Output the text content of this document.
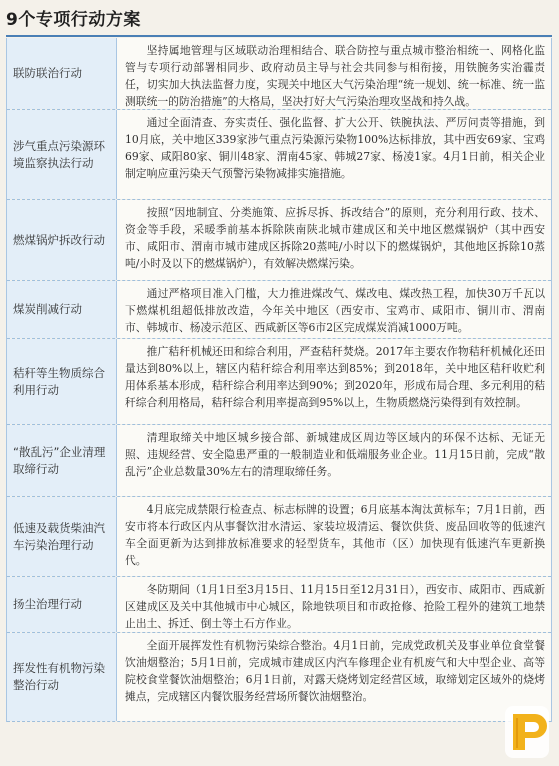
9个专项行动方案
联防联治行动
坚持属地管理与区域联动治理相结合、联合防控与重点城市整治相统一、网格化监管与专项行动部署相同步、政府动员主导与社会共同参与相衔接，用铁腕务实治霾责任，切实加大执法监督力度，实现关中地区大气污染治理“统一规划、统一标准、统一监测联统一的防治措施”的大格局，坚决打好大气污染治理攻坚战和持久战。
涉气重点污染源环境监察执法行动
通过全面清查、夯实责任、强化监督、扩大公开、铁腕执法、严厉问责等措施，到10月底，关中地区339家涉气重点污染源污染物100%达标排放，其中西安69家、宝鸡69家、咸阳80家、铜川48家、渭南45家、韩城27家、杨凌1家。4月1日前，相关企业制定响应重污染天气预警污染物减排实施措施。
燃煤锅炉拆改行动
按照“因地制宜、分类施策、应拆尽拆、拆改结合”的原则，充分利用行政、技术、资金等手段，采暖季前基本拆除陕南陕北城市建成区和关中地区燃煤锅炉（其中西安市、咸阳市、渭南市城市建成区拆除20蒸吨/小时以下的燃煤锅炉，其他地区拆除10蒸吨/小时及以下的燃煤锅炉），有效解决燃煤污染。
煤炭削减行动
通过严格项目准入门槛，大力推进煤改气、煤改电、煤改热工程，加快30万千瓦以下燃煤机组超低排放改造，今年关中地区（西安市、宝鸡市、咸阳市、铜川市、渭南市、韩城市、杨凌示范区、西咸新区等6市2区完成煤炭消减1000万吨。
秸秆等生物质综合利用行动
推广秸秆机械还田和综合利用，严查秸秆焚烧。2017年主要农作物秸秆机械化还田量达到80%以上，辖区内秸秆综合利用率达到85%；到2018年，关中地区秸秆收贮利用体系基本形成，秸秆综合利用率达到90%；到2020年，形成布局合理、多元利用的秸秆综合利用格局，秸秆综合利用率提高到95%以上，生物质燃烧污染得到有效控制。
“散乱污”企业清理取缔行动
清理取缔关中地区城乡接合部、新城建成区周边等区域内的环保不达标、无证无照、违规经营、安全隐患严重的一般制造业和低端服务业企业。11月15日前，完成“散乱污”企业总数量30%左右的清理取缔任务。
低速及载货柴油汽车污染治理行动
4月底完成禁限行检查点、标志标牌的设置；6月底基本淘汰黄标车；7月1日前，西安市将本行政区内从事餐饮泔水清运、家装垃圾清运、餐饮供货、废品回收等的低速汽车全面更新为达到排放标准要求的轻型货车，其他市（区）加快现有低速汽车更新换代。
扬尘治理行动
冬防期间（1月1日至3月15日、11月15日至12月31日），西安市、咸阳市、西咸新区建成区及关中其他城市中心城区，除地铁项目和市政抢修、抢险工程外的建筑工地禁止出土、拆迁、倒土等土石方作业。
挥发性有机物污染整治行动
全面开展挥发性有机物污染综合整治。4月1日前，完成党政机关及事业单位食堂餐饮油烟整治；5月1日前，完成城市建成区内汽车修理企业有机废气和大中型企业、高等院校食堂餐饮油烟整治；6月1日前，对露天烧烤划定经营区域，取缔划定区域外的烧烤摊点，完成辖区内餐饮服务经营场所餐饮油烟整治。
